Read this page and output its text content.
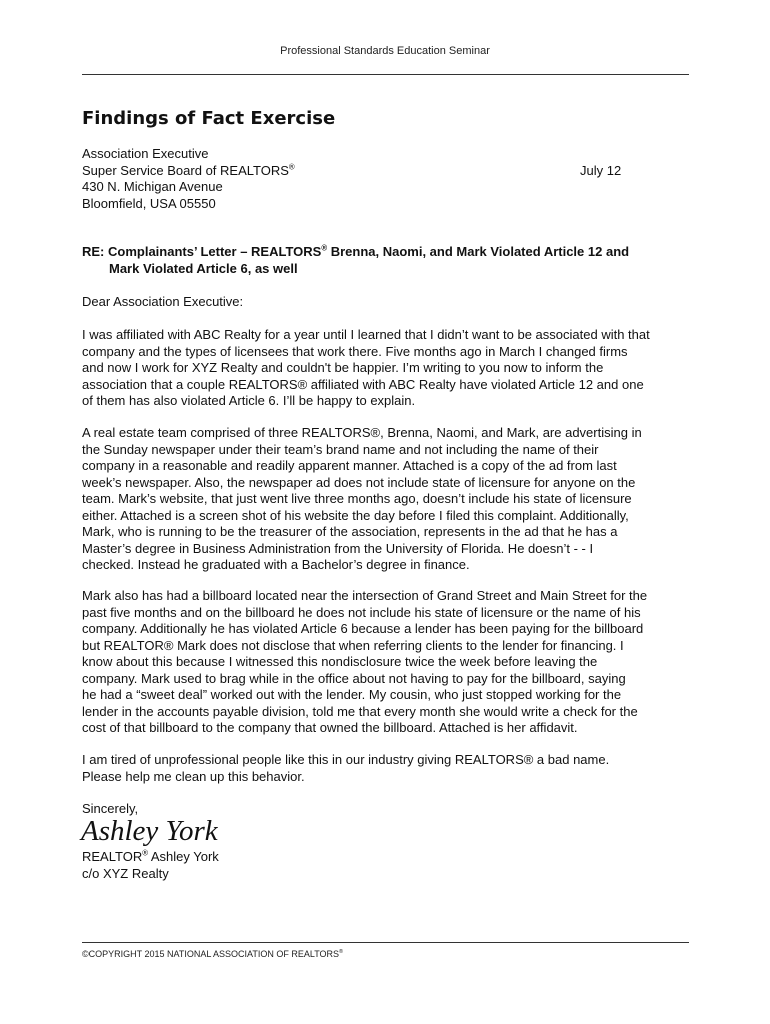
Professional Standards Education Seminar
Findings of Fact Exercise
Association Executive
Super Service Board of REALTORS®
430 N. Michigan Avenue
Bloomfield, USA 05550
July 12
RE: Complainants’ Letter – REALTORS® Brenna, Naomi, and Mark Violated Article 12 and
Mark Violated Article 6, as well
Dear Association Executive:
I was affiliated with ABC Realty for a year until I learned that I didn’t want to be associated with that
company and the types of licensees that work there. Five months ago in March I changed firms
and now I work for XYZ Realty and couldn't be happier. I’m writing to you now to inform the
association that a couple REALTORS® affiliated with ABC Realty have violated Article 12 and one
of them has also violated Article 6. I’ll be happy to explain.
A real estate team comprised of three REALTORS®, Brenna, Naomi, and Mark, are advertising in
the Sunday newspaper under their team’s brand name and not including the name of their
company in a reasonable and readily apparent manner. Attached is a copy of the ad from last
week’s newspaper. Also, the newspaper ad does not include state of licensure for anyone on the
team. Mark’s website, that just went live three months ago, doesn’t include his state of licensure
either. Attached is a screen shot of his website the day before I filed this complaint. Additionally,
Mark, who is running to be the treasurer of the association, represents in the ad that he has a
Master’s degree in Business Administration from the University of Florida. He doesn’t - - I
checked. Instead he graduated with a Bachelor’s degree in finance.
Mark also has had a billboard located near the intersection of Grand Street and Main Street for the
past five months and on the billboard he does not include his state of licensure or the name of his
company. Additionally he has violated Article 6 because a lender has been paying for the billboard
but REALTOR® Mark does not disclose that when referring clients to the lender for financing. I
know about this because I witnessed this nondisclosure twice the week before leaving the
company. Mark used to brag while in the office about not having to pay for the billboard, saying
he had a “sweet deal” worked out with the lender. My cousin, who just stopped working for the
lender in the accounts payable division, told me that every month she would write a check for the
cost of that billboard to the company that owned the billboard. Attached is her affidavit.
I am tired of unprofessional people like this in our industry giving REALTORS® a bad name.
Please help me clean up this behavior.
Sincerely,
Ashley York
REALTOR® Ashley York
c/o XYZ Realty
©COPYRIGHT 2015 NATIONAL ASSOCIATION OF REALTORS®
